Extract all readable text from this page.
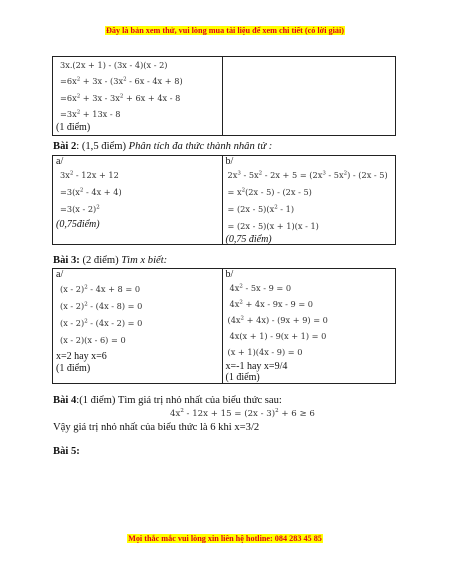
Đây là bản xem thử, vui lòng mua tài liệu để xem chi tiết (có lời giải)
3x.(2x + 1) - (3x - 4)(x - 2)
$=6x^2 + 3x - (3x^2 - 6x - 4x + 8)$
$=6x^2 + 3x - 3x^2 + 6x + 4x - 8$
$=3x^2 + 13x - 8$
(1 điểm)

Bài 2: (1,5 điểm) Phân tích đa thức thành nhân tử :
a/
$3x^2 - 12x + 12$
$=3(x^2 - 4x + 4)$
=3(x - 2)$^2$
(0,75điểm)

b/
$2x^3 - 5x^2 - 2x + 5 = (2x^3 - 5x^2) - (2x - 5)$
= $x^2(2x - 5) - (2x - 5)$
= $(2x - 5)(x^2 - 1)$
= (2x - 5)(x + 1)(x - 1)
(0,75 điểm)
Bài 3: (2 điểm) Tìm x biết:
a/
(x - 2)$^2$ - 4x + 8 = 0
(x - 2)$^2$ - (4x - 8) = 0
(x - 2)$^2$ - (4x - 2) = 0
(x - 2)(x - 6) = 0
x=2 hay x=6
(1 điểm)

b/
$4x^2 - 5x - 9 = 0$
$4x^2 + 4x - 9x - 9 = 0$
$(4x^2 + 4x) - (9x + 9) = 0$
4x(x + 1) - 9(x + 1) = 0
(x + 1)(4x - 9) = 0
x=-1 hay x=9/4
(1 điểm)
Bài 4:(1 điểm) Tìm giá trị nhỏ nhất của biểu thức sau:
$4x^2 - 12x + 15 = (2x - 3)^2 + 6 \ge 6$
Vậy giá trị nhỏ nhất của biểu thức là 6 khi x=3/2
Bài 5:
Mọi thắc mắc vui lòng xin liên hệ hotline: 084 283 45 85
